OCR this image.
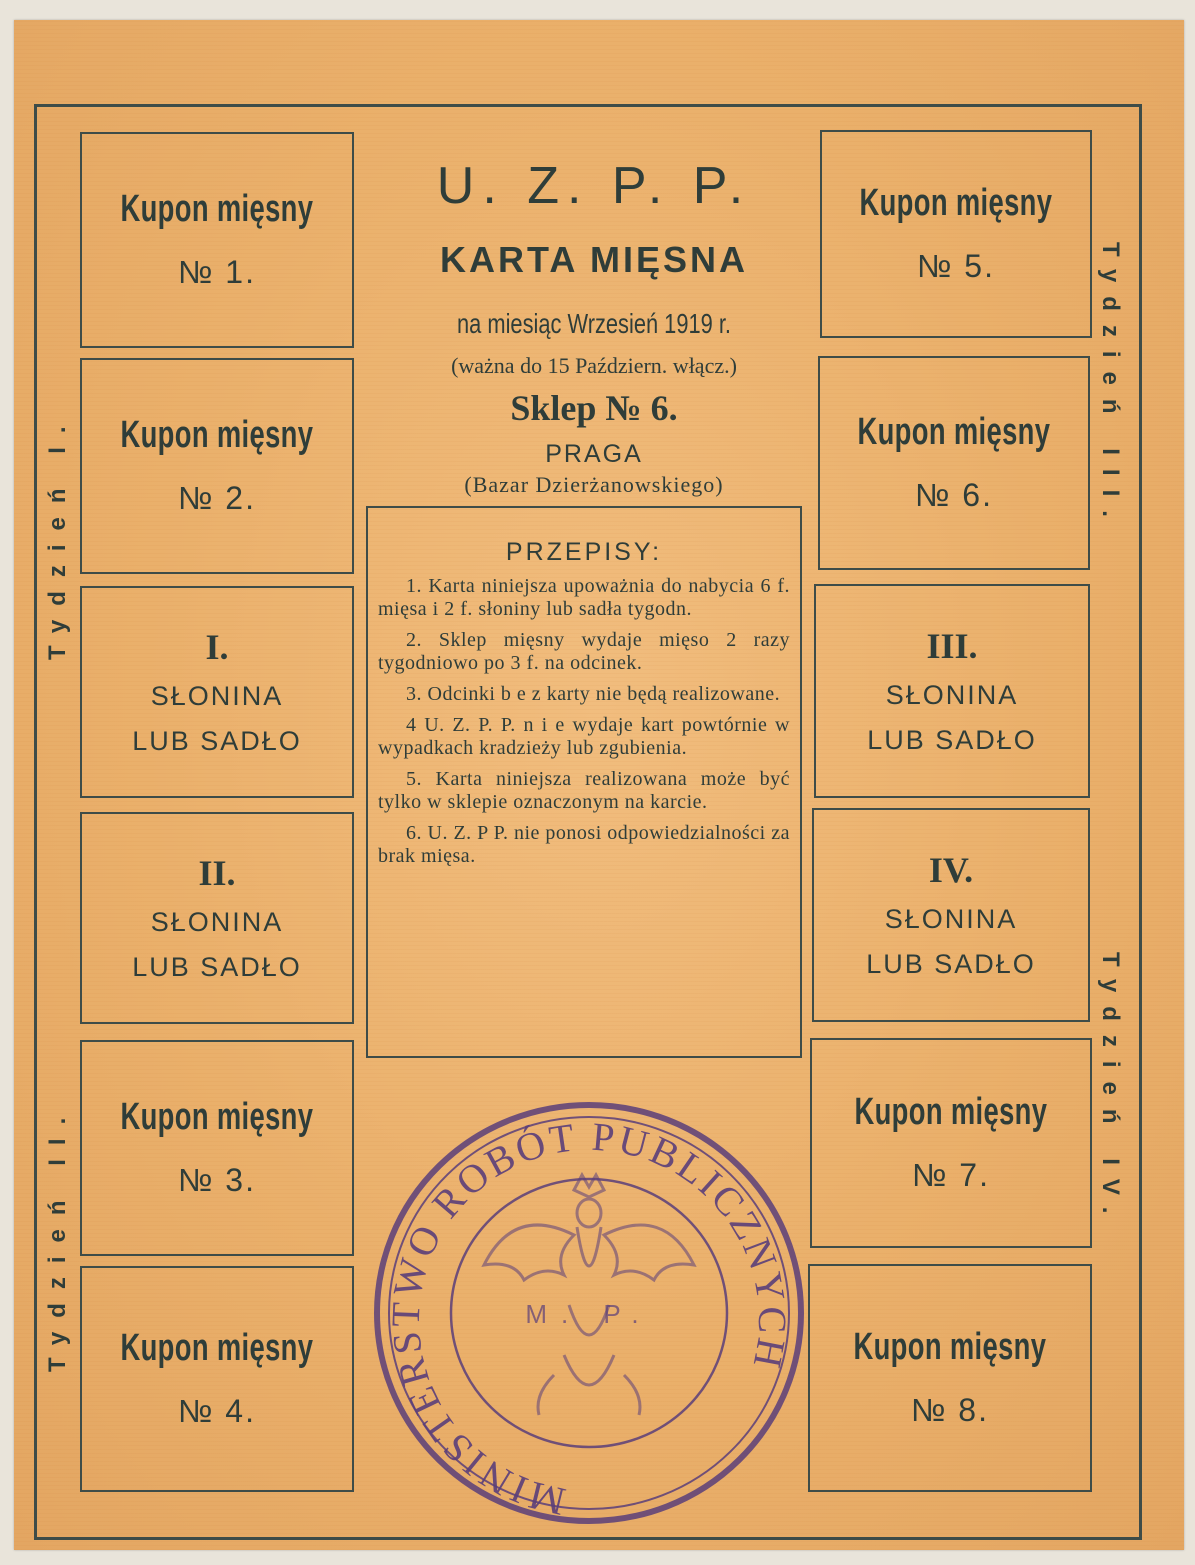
Kupon mięsny
№ 1.
Kupon mięsny
№ 2.
I.
SŁONINA
LUB SADŁO
II.
SŁONINA
LUB SADŁO
Kupon mięsny
№ 3.
Kupon mięsny
№ 4.
Kupon mięsny
№ 5.
Kupon mięsny
№ 6.
III.
SŁONINA
LUB SADŁO
IV.
SŁONINA
LUB SADŁO
Kupon mięsny
№ 7.
Kupon mięsny
№ 8.
Tydzień I.
Tydzień II.
Tydzień III.
Tydzień IV.
U. Z. P. P.
KARTA MIĘSNA
na miesiąc Wrzesień 1919 r.
(ważna do 15 Październ. włącz.)
Sklep № 6.
PRAGA
(Bazar Dzierżanowskiego)
PRZEPISY:
1. Karta niniejsza upoważnia do nabycia 6 f. mięsa i 2 f. słoniny lub sadła tygodn.
2. Sklep mięsny wydaje mięso 2 razy tygodniowo po 3 f. na odcinek.
3. Odcinki b e z karty nie będą realizowane.
4 U. Z. P. P. n i e wydaje kart powtórnie w wypadkach kradzieży lub zgubienia.
5. Karta niniejsza realizowana może być tylko w sklepie oznaczonym na karcie.
6. U. Z. P P. nie ponosi odpowiedzialności za brak mięsa.
MINISTERSTWO ROBÓT PUBLICZNYCH
M. P.
